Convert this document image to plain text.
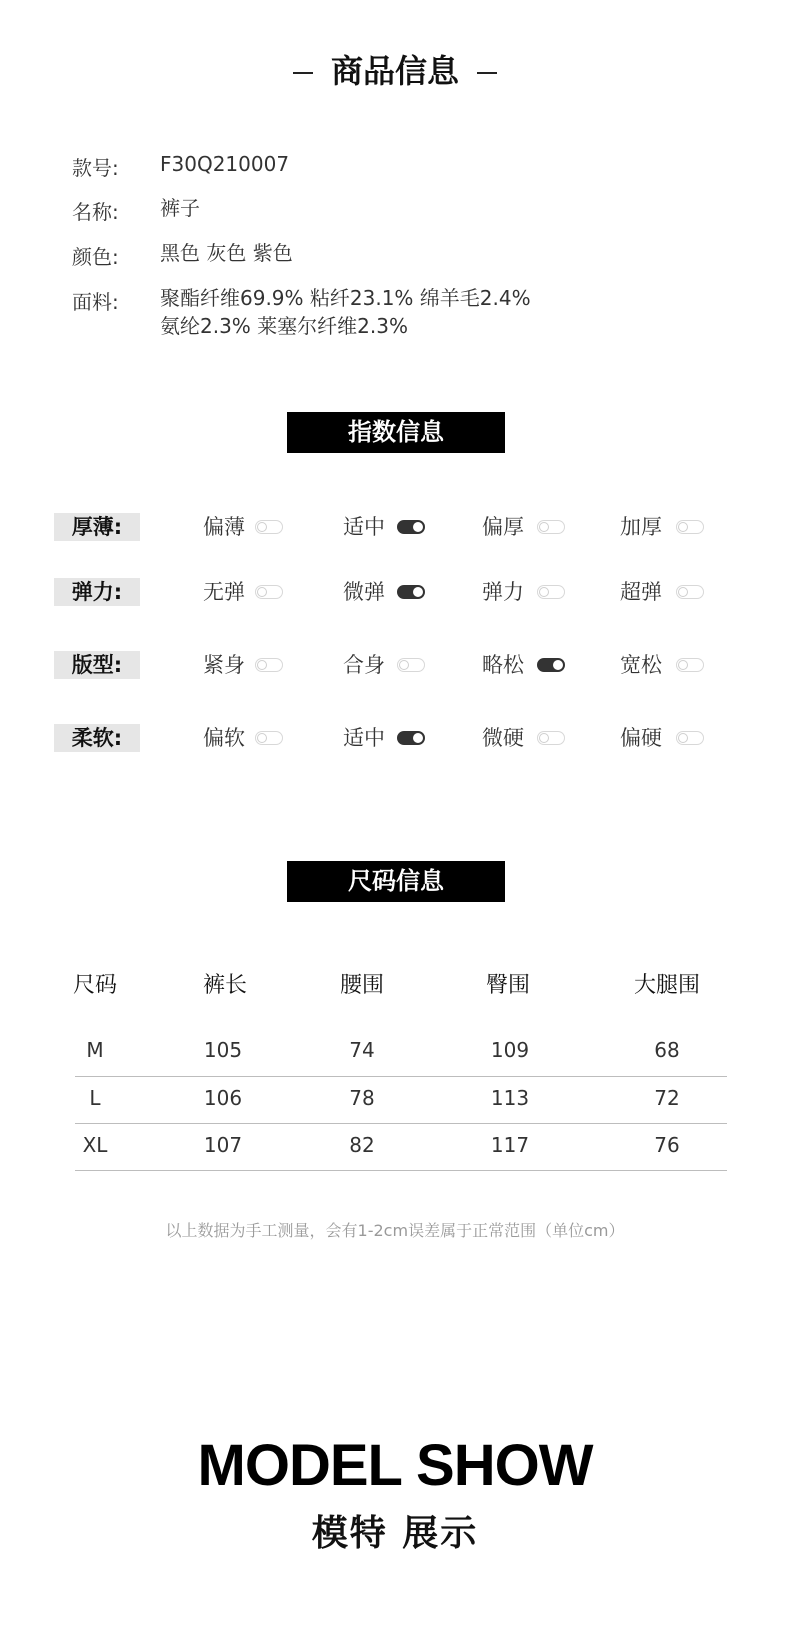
商品信息
款号: F30Q210007
名称: 裤子
颜色: 黑色 灰色 紫色
面料: 聚酯纤维69.9% 粘纤23.1% 绵羊毛2.4%
氨纶2.3% 莱塞尔纤维2.3%
指数信息
厚薄:	偏薄	适中	偏厚	加厚
弹力:	无弹	微弹	弹力	超弹
版型:	紧身	合身	略松	宽松
柔软:	偏软	适中	微硬	偏硬
尺码信息
尺码	裤长	腰围	臀围	大腿围
M	105	74	109	68
L	106	78	113	72
XL	107	82	117	76
以上数据为手工测量，会有1-2cm误差属于正常范围（单位cm）
MODEL SHOW
模特 展示
